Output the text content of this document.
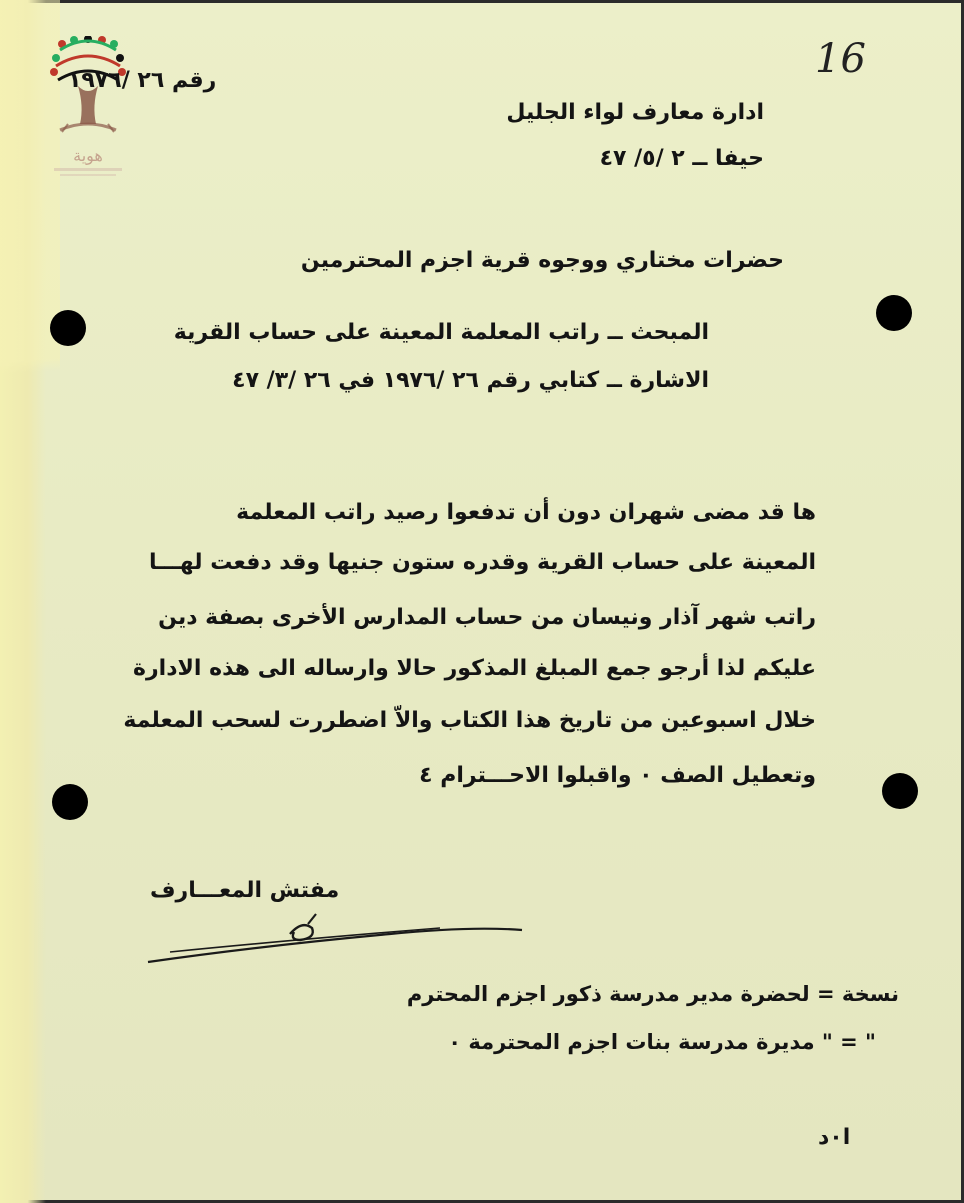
هوية
رقم ٢٦ /١٩٧٦	16
ادارة معارف لواء الجليل
حيفا ــ ٢ /٥/ ٤٧
حضرات مختاري ووجوه قرية اجزم المحترمين
المبحث ــ راتب المعلمة المعينة على حساب القرية
الاشارة ــ كتابي رقم ٢٦ /١٩٧٦ في ٢٦ /٣/ ٤٧
ها قد مضى شهران دون أن تدفعوا رصيد راتب المعلمة
المعينة على حساب القرية وقدره ستون جنيها وقد دفعت لهـــا
راتب شهر آذار ونيسان من حساب المدارس الأخرى بصفة دين
عليكم لذا أرجو جمع المبلغ المذكور حالا وارساله الى هذه الادارة
خلال اسبوعين من تاريخ هذا الكتاب والاّ اضطررت لسحب المعلمة
وتعطيل الصف ٠ واقبلوا الاحـــترام ٤
مفتش المعـــارف
نسخة = لحضرة مدير مدرسة ذكور اجزم المحترم
" = " مديرة مدرسة بنات اجزم المحترمة ٠
ا٠د
